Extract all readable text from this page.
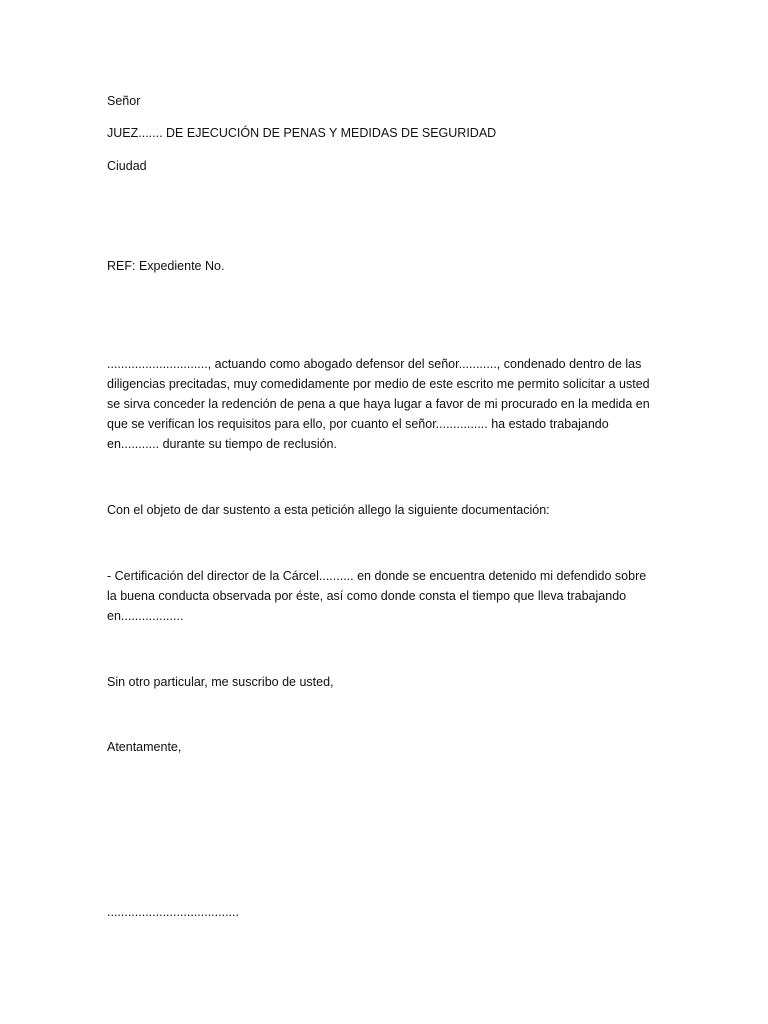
Señor

JUEZ....... DE EJECUCIÓN DE PENAS Y MEDIDAS DE SEGURIDAD

Ciudad

REF: Expediente No.

............................., actuando como abogado defensor del señor..........., condenado dentro de las
diligencias precitadas, muy comedidamente por medio de este escrito me permito solicitar a usted
se sirva conceder la redención de pena a que haya lugar a favor de mi procurado en la medida en
que se verifican los requisitos para ello, por cuanto el señor............... ha estado trabajando
en........... durante su tiempo de reclusión.

Con el objeto de dar sustento a esta petición allego la siguiente documentación:

- Certificación del director de la Cárcel.......... en donde se encuentra detenido mi defendido sobre
la buena conducta observada por éste, así como donde consta el tiempo que lleva trabajando
en..................

Sin otro particular, me suscribo de usted,

Atentamente,

......................................
